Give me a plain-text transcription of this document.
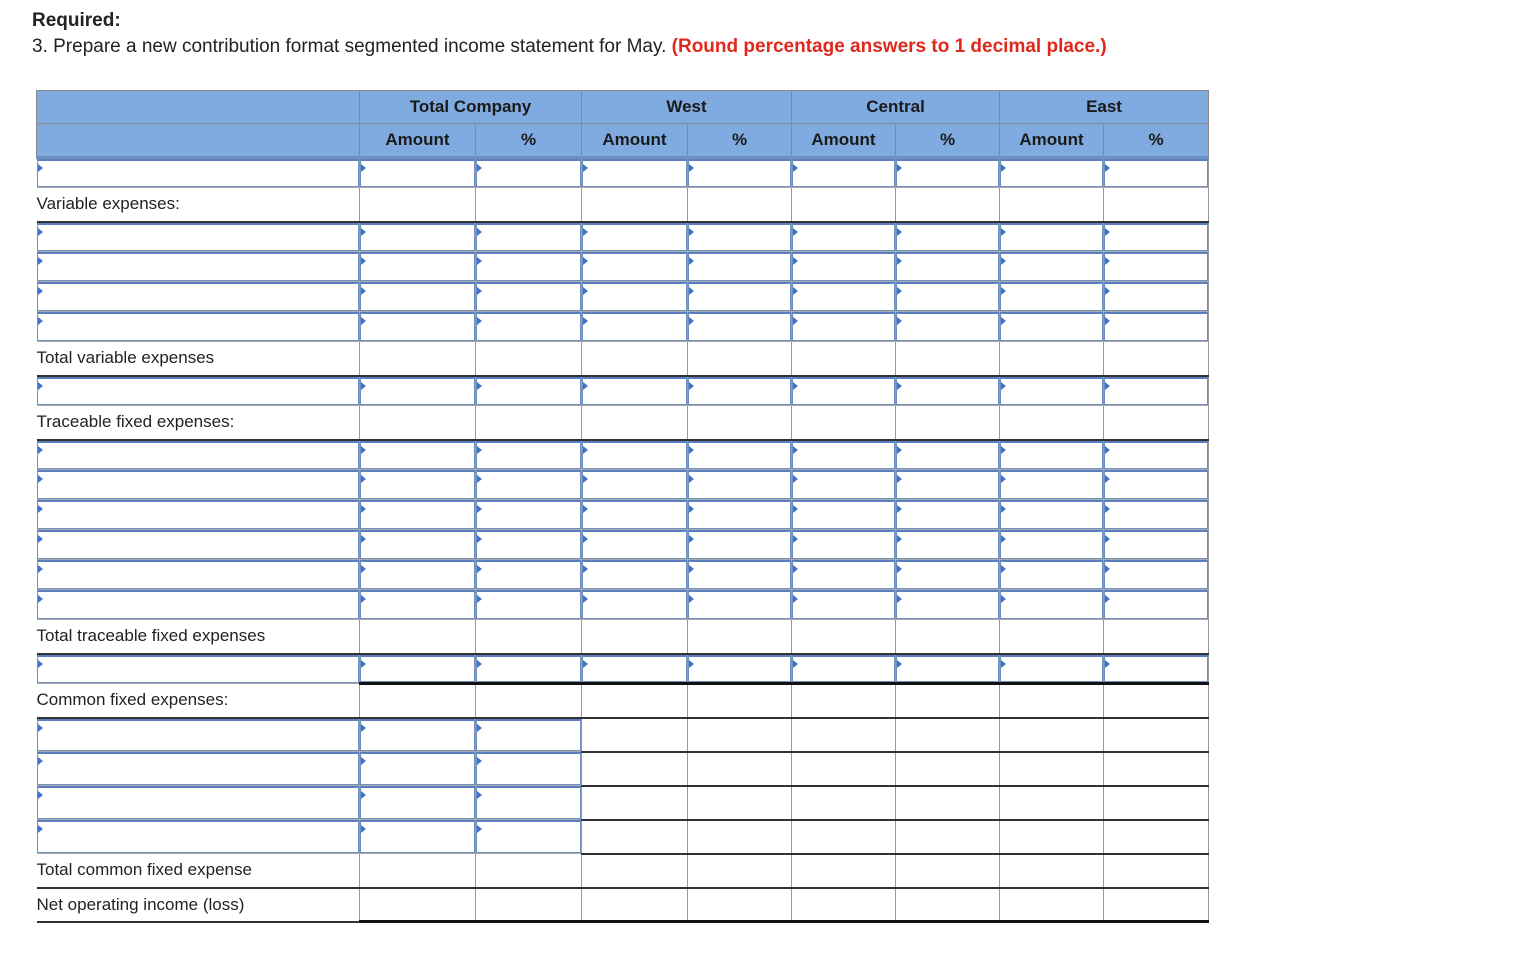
Required:
3. Prepare a new contribution format segmented income statement for May. (Round percentage answers to 1 decimal place.)
	Total Company		West		Central		East	
	Amount	%	Amount	%	Amount	%	Amount	%

Variable expenses:								

Total variable expenses								

Traceable fixed expenses:								

Total traceable fixed expenses								

Common fixed expenses:								

Total common fixed expense								
Net operating income (loss)								
